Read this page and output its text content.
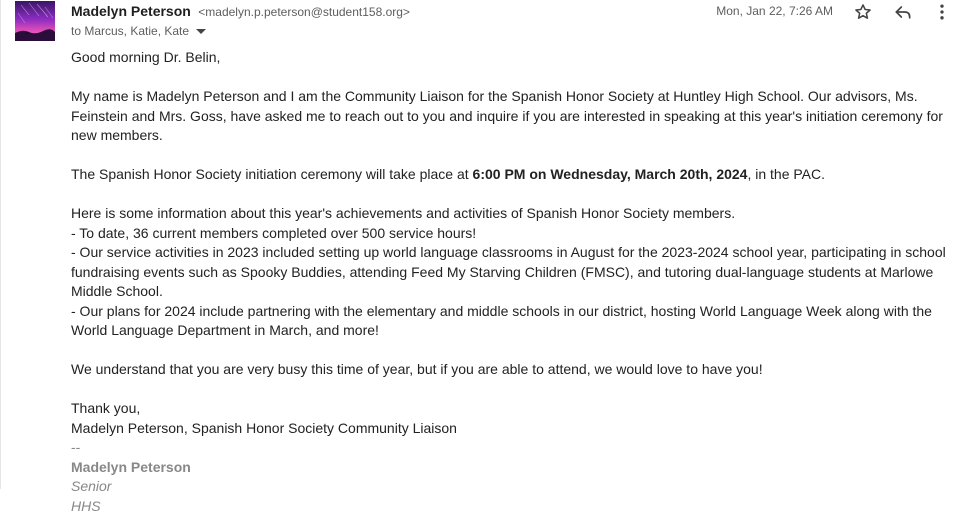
Madelyn Peterson <madelyn.p.peterson@student158.org>
to Marcus, Katie, Kate
Mon, Jan 22, 7:26 AM

Good morning Dr. Belin,

My name is Madelyn Peterson and I am the Community Liaison for the Spanish Honor Society at Huntley High School. Our advisors, Ms. Feinstein and Mrs. Goss, have asked me to reach out to you and inquire if you are interested in speaking at this year's initiation ceremony for new members.

The Spanish Honor Society initiation ceremony will take place at 6:00 PM on Wednesday, March 20th, 2024, in the PAC.

Here is some information about this year's achievements and activities of Spanish Honor Society members.

- To date, 36 current members completed over 500 service hours!

- Our service activities in 2023 included setting up world language classrooms in August for the 2023-2024 school year, participating in school fundraising events such as Spooky Buddies, attending Feed My Starving Children (FMSC), and tutoring dual-language students at Marlowe Middle School.

- Our plans for 2024 include partnering with the elementary and middle schools in our district, hosting World Language Week along with the World Language Department in March, and more!

We understand that you are very busy this time of year, but if you are able to attend, we would love to have you!

Thank you,

Madelyn Peterson, Spanish Honor Society Community Liaison

--

Madelyn Peterson

Senior

HHS
